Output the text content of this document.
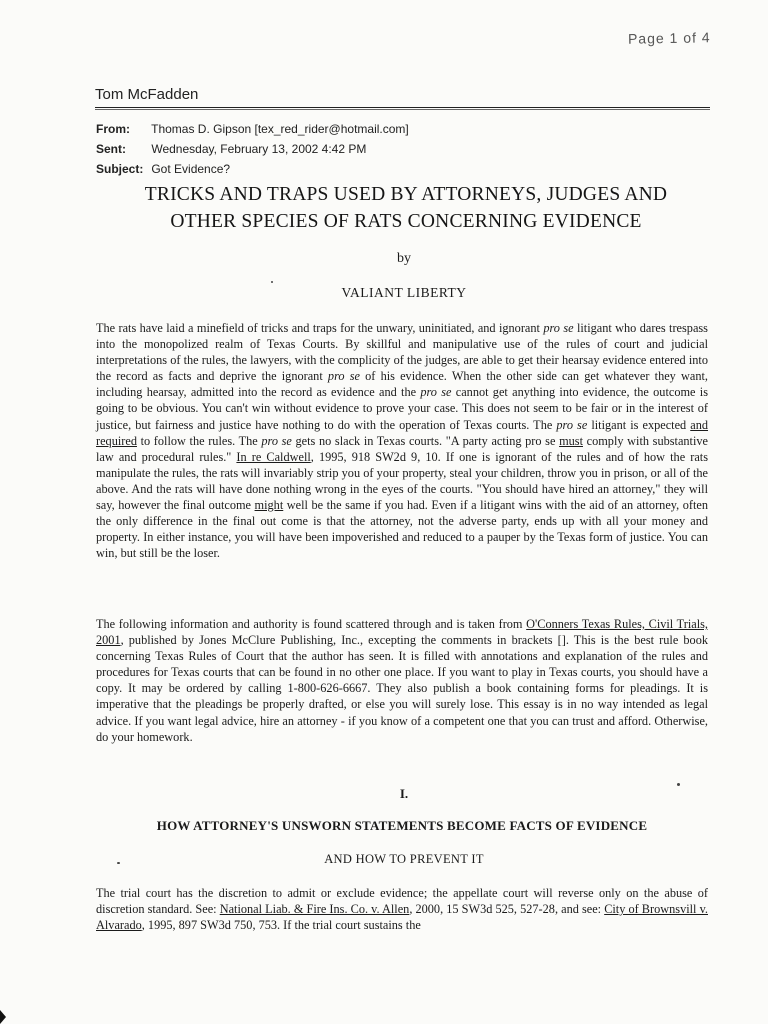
Page 1 of 4
Tom McFadden
From: Thomas D. Gipson [tex_red_rider@hotmail.com]
Sent: Wednesday, February 13, 2002 4:42 PM
Subject: Got Evidence?
TRICKS AND TRAPS USED BY ATTORNEYS, JUDGES AND
OTHER SPECIES OF RATS CONCERNING EVIDENCE
by
VALIANT LIBERTY
The rats have laid a minefield of tricks and traps for the unwary, uninitiated, and ignorant pro se litigant who dares trespass into the monopolized realm of Texas Courts. By skillful and manipulative use of the rules of court and judicial interpretations of the rules, the lawyers, with the complicity of the judges, are able to get their hearsay evidence entered into the record as facts and deprive the ignorant pro se of his evidence. When the other side can get whatever they want, including hearsay, admitted into the record as evidence and the pro se cannot get anything into evidence, the outcome is going to be obvious. You can't win without evidence to prove your case. This does not seem to be fair or in the interest of justice, but fairness and justice have nothing to do with the operation of Texas courts. The pro se litigant is expected and required to follow the rules. The pro se gets no slack in Texas courts. "A party acting pro se must comply with substantive law and procedural rules." In re Caldwell, 1995, 918 SW2d 9, 10. If one is ignorant of the rules and of how the rats manipulate the rules, the rats will invariably strip you of your property, steal your children, throw you in prison, or all of the above. And the rats will have done nothing wrong in the eyes of the courts. "You should have hired an attorney," they will say, however the final outcome might well be the same if you had. Even if a litigant wins with the aid of an attorney, often the only difference in the final out come is that the attorney, not the adverse party, ends up with all your money and property. In either instance, you will have been impoverished and reduced to a pauper by the Texas form of justice. You can win, but still be the loser.
The following information and authority is found scattered through and is taken from O'Conners Texas Rules, Civil Trials, 2001, published by Jones McClure Publishing, Inc., excepting the comments in brackets []. This is the best rule book concerning Texas Rules of Court that the author has seen. It is filled with annotations and explanation of the rules and procedures for Texas courts that can be found in no other one place. If you want to play in Texas courts, you should have a copy. It may be ordered by calling 1-800-626-6667. They also publish a book containing forms for pleadings. It is imperative that the pleadings be properly drafted, or else you will surely lose. This essay is in no way intended as legal advice. If you want legal advice, hire an attorney - if you know of a competent one that you can trust and afford. Otherwise, do your homework.
I.
HOW ATTORNEY'S UNSWORN STATEMENTS BECOME FACTS OF EVIDENCE
AND HOW TO PREVENT IT
The trial court has the discretion to admit or exclude evidence; the appellate court will reverse only on the abuse of discretion standard. See: National Liab. & Fire Ins. Co. v. Allen, 2000, 15 SW3d 525, 527-28, and see: City of Brownsvill v. Alvarado, 1995, 897 SW3d 750, 753. If the trial court sustains the
